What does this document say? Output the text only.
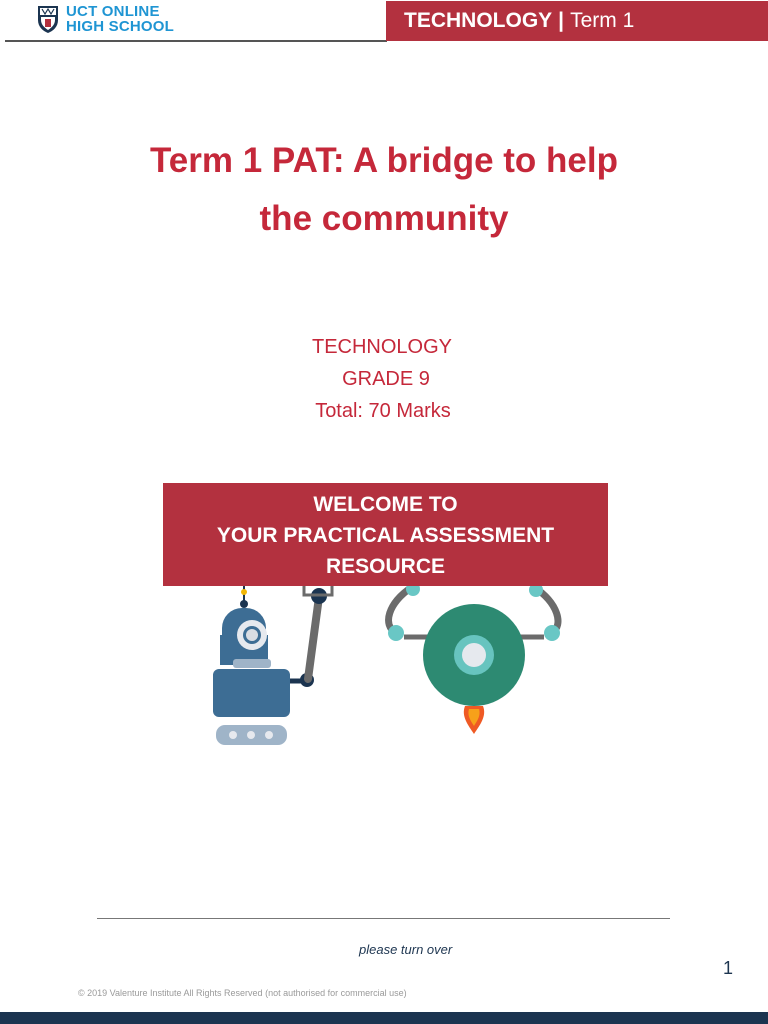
UCT ONLINE
HIGH SCHOOL	TECHNOLOGY | Term 1
Term 1 PAT: A bridge to help
the community
TECHNOLOGY
GRADE 9
Total: 70 Marks
WELCOME TO
YOUR PRACTICAL ASSESSMENT
RESOURCE
please turn over
1
© 2019 Valenture Institute All Rights Reserved (not authorised for commercial use)
